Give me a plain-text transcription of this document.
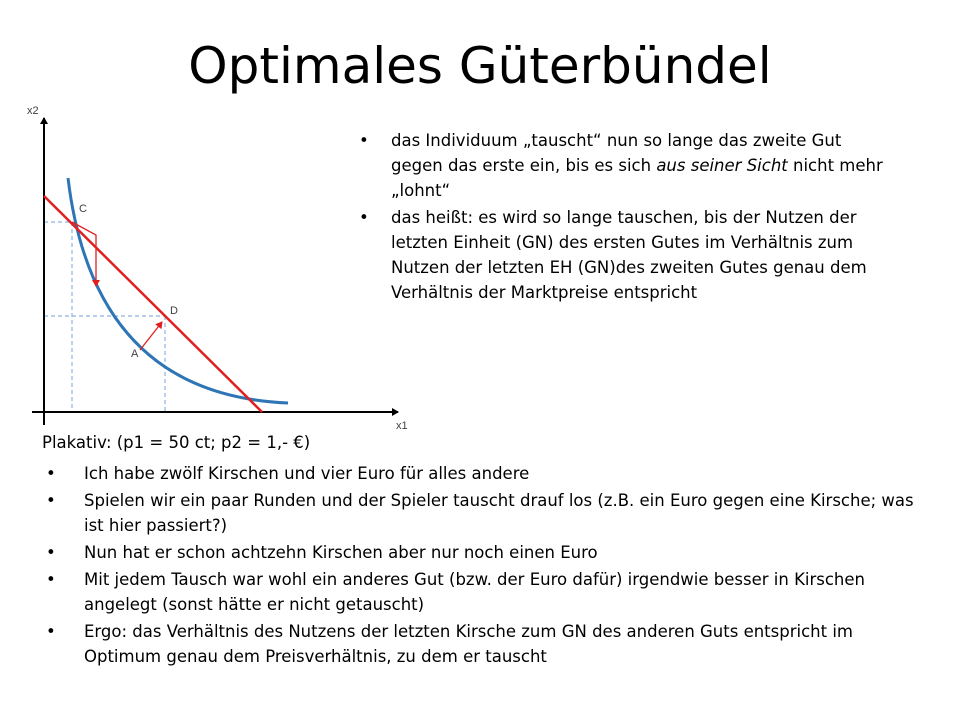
Optimales Güterbündel
x2
x1
C
D
A
• das Individuum „tauscht“ nun so lange das zweite Gut gegen das erste ein, bis es sich aus seiner Sicht nicht mehr „lohnt“
• das heißt: es wird so lange tauschen, bis der Nutzen der letzten Einheit (GN) des ersten Gutes im Verhältnis zum Nutzen der letzten EH (GN)des zweiten Gutes genau dem Verhältnis der Marktpreise entspricht
Plakativ: (p1 = 50 ct; p2 = 1,- €)
• Ich habe zwölf Kirschen und vier Euro für alles andere
• Spielen wir ein paar Runden und der Spieler tauscht drauf los (z.B. ein Euro gegen eine Kirsche; was ist hier passiert?)
• Nun hat er schon achtzehn Kirschen aber nur noch einen Euro
• Mit jedem Tausch war wohl ein anderes Gut (bzw. der Euro dafür) irgendwie besser in Kirschen angelegt (sonst hätte er nicht getauscht)
• Ergo: das Verhältnis des Nutzens der letzten Kirsche zum GN des anderen Guts entspricht im Optimum genau dem Preisverhältnis, zu dem er tauscht
